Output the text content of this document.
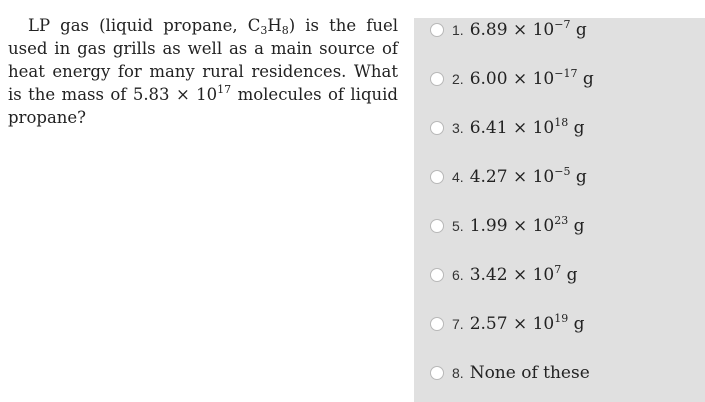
LP gas (liquid propane, $C_3H_8$) is the fuel used in gas grills as well as a main source of heat energy for many rural residences. What is the mass of $5.83 \times 10^{17}$ molecules of liquid propane?
1. $6.89 \times 10^{-7}$ g
2. $6.00 \times 10^{-17}$ g
3. $6.41 \times 10^{18}$ g
4. $4.27 \times 10^{-5}$ g
5. $1.99 \times 10^{23}$ g
6. $3.42 \times 10^7$ g
7. $2.57 \times 10^{19}$ g
8. None of these
